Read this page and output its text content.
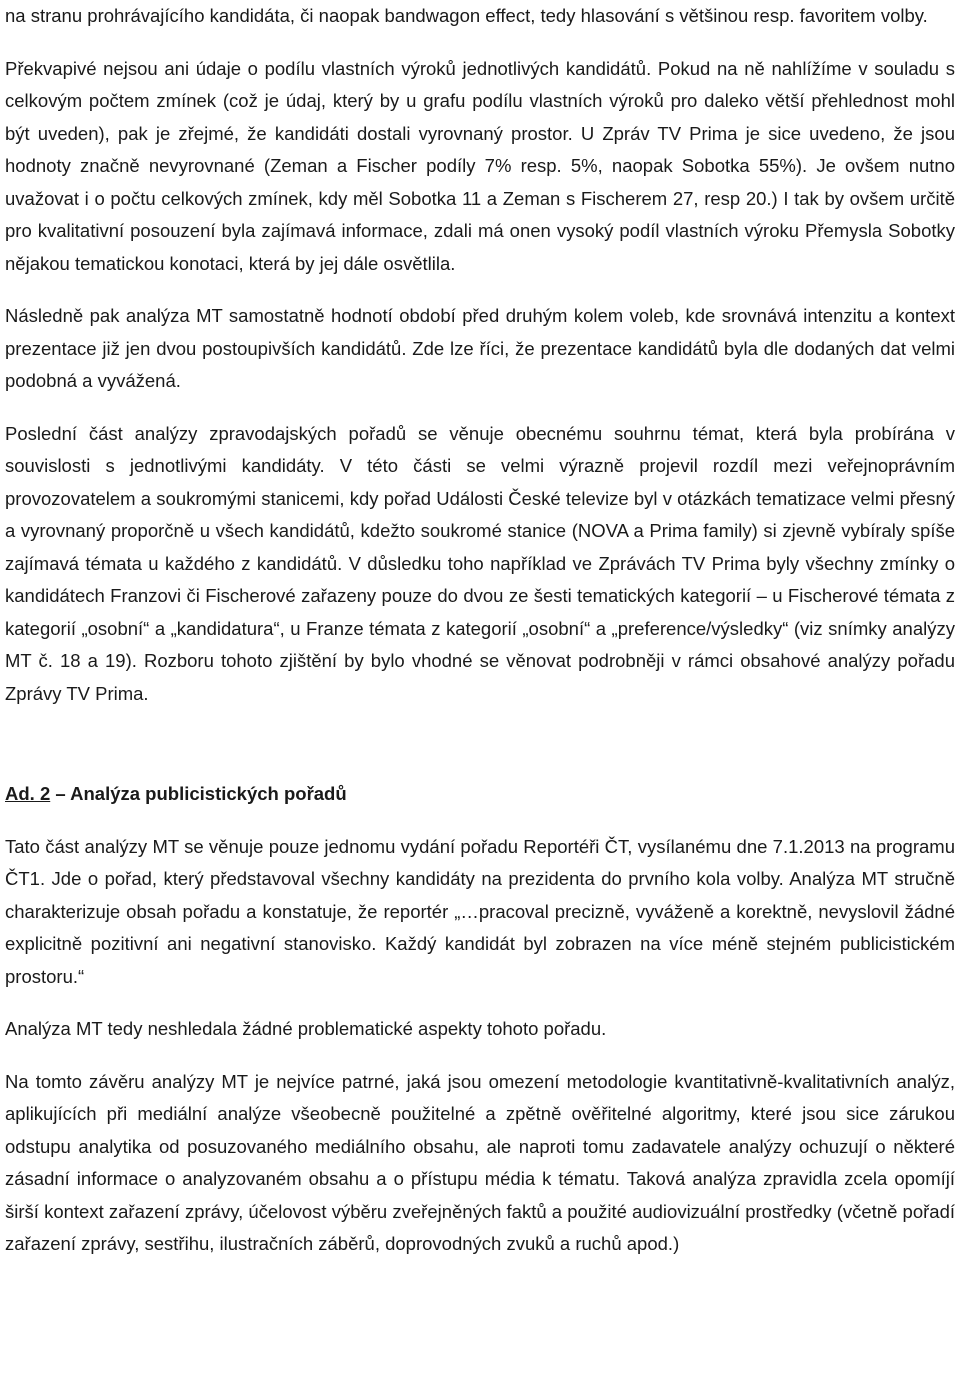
na stranu prohrávajícího kandidáta, či naopak bandwagon effect, tedy hlasování s většinou resp. favoritem volby.

Překvapivé nejsou ani údaje o podílu vlastních výroků jednotlivých kandidátů. Pokud na ně nahlížíme v souladu s celkovým počtem zmínek (což je údaj, který by u grafu podílu vlastních výroků pro daleko větší přehlednost mohl být uveden), pak je zřejmé, že kandidáti dostali vyrovnaný prostor. U Zpráv TV Prima je sice uvedeno, že jsou hodnoty značně nevyrovnané (Zeman a Fischer podíly 7% resp. 5%, naopak Sobotka 55%). Je ovšem nutno uvažovat i o počtu celkových zmínek, kdy měl Sobotka 11 a Zeman s Fischerem 27, resp 20.) I tak by ovšem určitě pro kvalitativní posouzení byla zajímavá informace, zdali má onen vysoký podíl vlastních výroku Přemysla Sobotky nějakou tematickou konotaci, která by jej dále osvětlila.

Následně pak analýza MT samostatně hodnotí období před druhým kolem voleb, kde srovnává intenzitu a kontext prezentace již jen dvou postoupivších kandidátů. Zde lze říci, že prezentace kandidátů byla dle dodaných dat velmi podobná a vyvážená.

Poslední část analýzy zpravodajských pořadů se věnuje obecnému souhrnu témat, která byla probírána v souvislosti s jednotlivými kandidáty. V této části se velmi výrazně projevil rozdíl mezi veřejnoprávním provozovatelem a soukromými stanicemi, kdy pořad Události České televize byl v otázkách tematizace velmi přesný a vyrovnaný proporčně u všech kandidátů, kdežto soukromé stanice (NOVA a Prima family) si zjevně vybíraly spíše zajímavá témata u každého z kandidátů. V důsledku toho například ve Zprávách TV Prima byly všechny zmínky o kandidátech Franzovi či Fischerové zařazeny pouze do dvou ze šesti tematických kategorií – u Fischerové témata z kategorií „osobní“ a „kandidatura“, u Franze témata z kategorií „osobní“ a „preference/výsledky“ (viz snímky analýzy MT č. 18 a 19). Rozboru tohoto zjištění by bylo vhodné se věnovat podrobněji v rámci obsahové analýzy pořadu Zprávy TV Prima.

Ad. 2 – Analýza publicistických pořadů

Tato část analýzy MT se věnuje pouze jednomu vydání pořadu Reportéři ČT, vysílanému dne 7.1.2013 na programu ČT1. Jde o pořad, který představoval všechny kandidáty na prezidenta do prvního kola volby. Analýza MT stručně charakterizuje obsah pořadu a konstatuje, že reportér „…pracoval precizně, vyváženě a korektně, nevyslovil žádné explicitně pozitivní ani negativní stanovisko. Každý kandidát byl zobrazen na více méně stejném publicistickém prostoru.“

Analýza MT tedy neshledala žádné problematické aspekty tohoto pořadu.

Na tomto závěru analýzy MT je nejvíce patrné, jaká jsou omezení metodologie kvantitativně-kvalitativních analýz, aplikujících při mediální analýze všeobecně použitelné a zpětně ověřitelné algoritmy, které jsou sice zárukou odstupu analytika od posuzovaného mediálního obsahu, ale naproti tomu zadavatele analýzy ochuzují o některé zásadní informace o analyzovaném obsahu a o přístupu média k tématu. Taková analýza zpravidla zcela opomíjí širší kontext zařazení zprávy, účelovost výběru zveřejněných faktů a použité audiovizuální prostředky (včetně pořadí zařazení zprávy, sestřihu, ilustračních záběrů, doprovodných zvuků a ruchů apod.)
